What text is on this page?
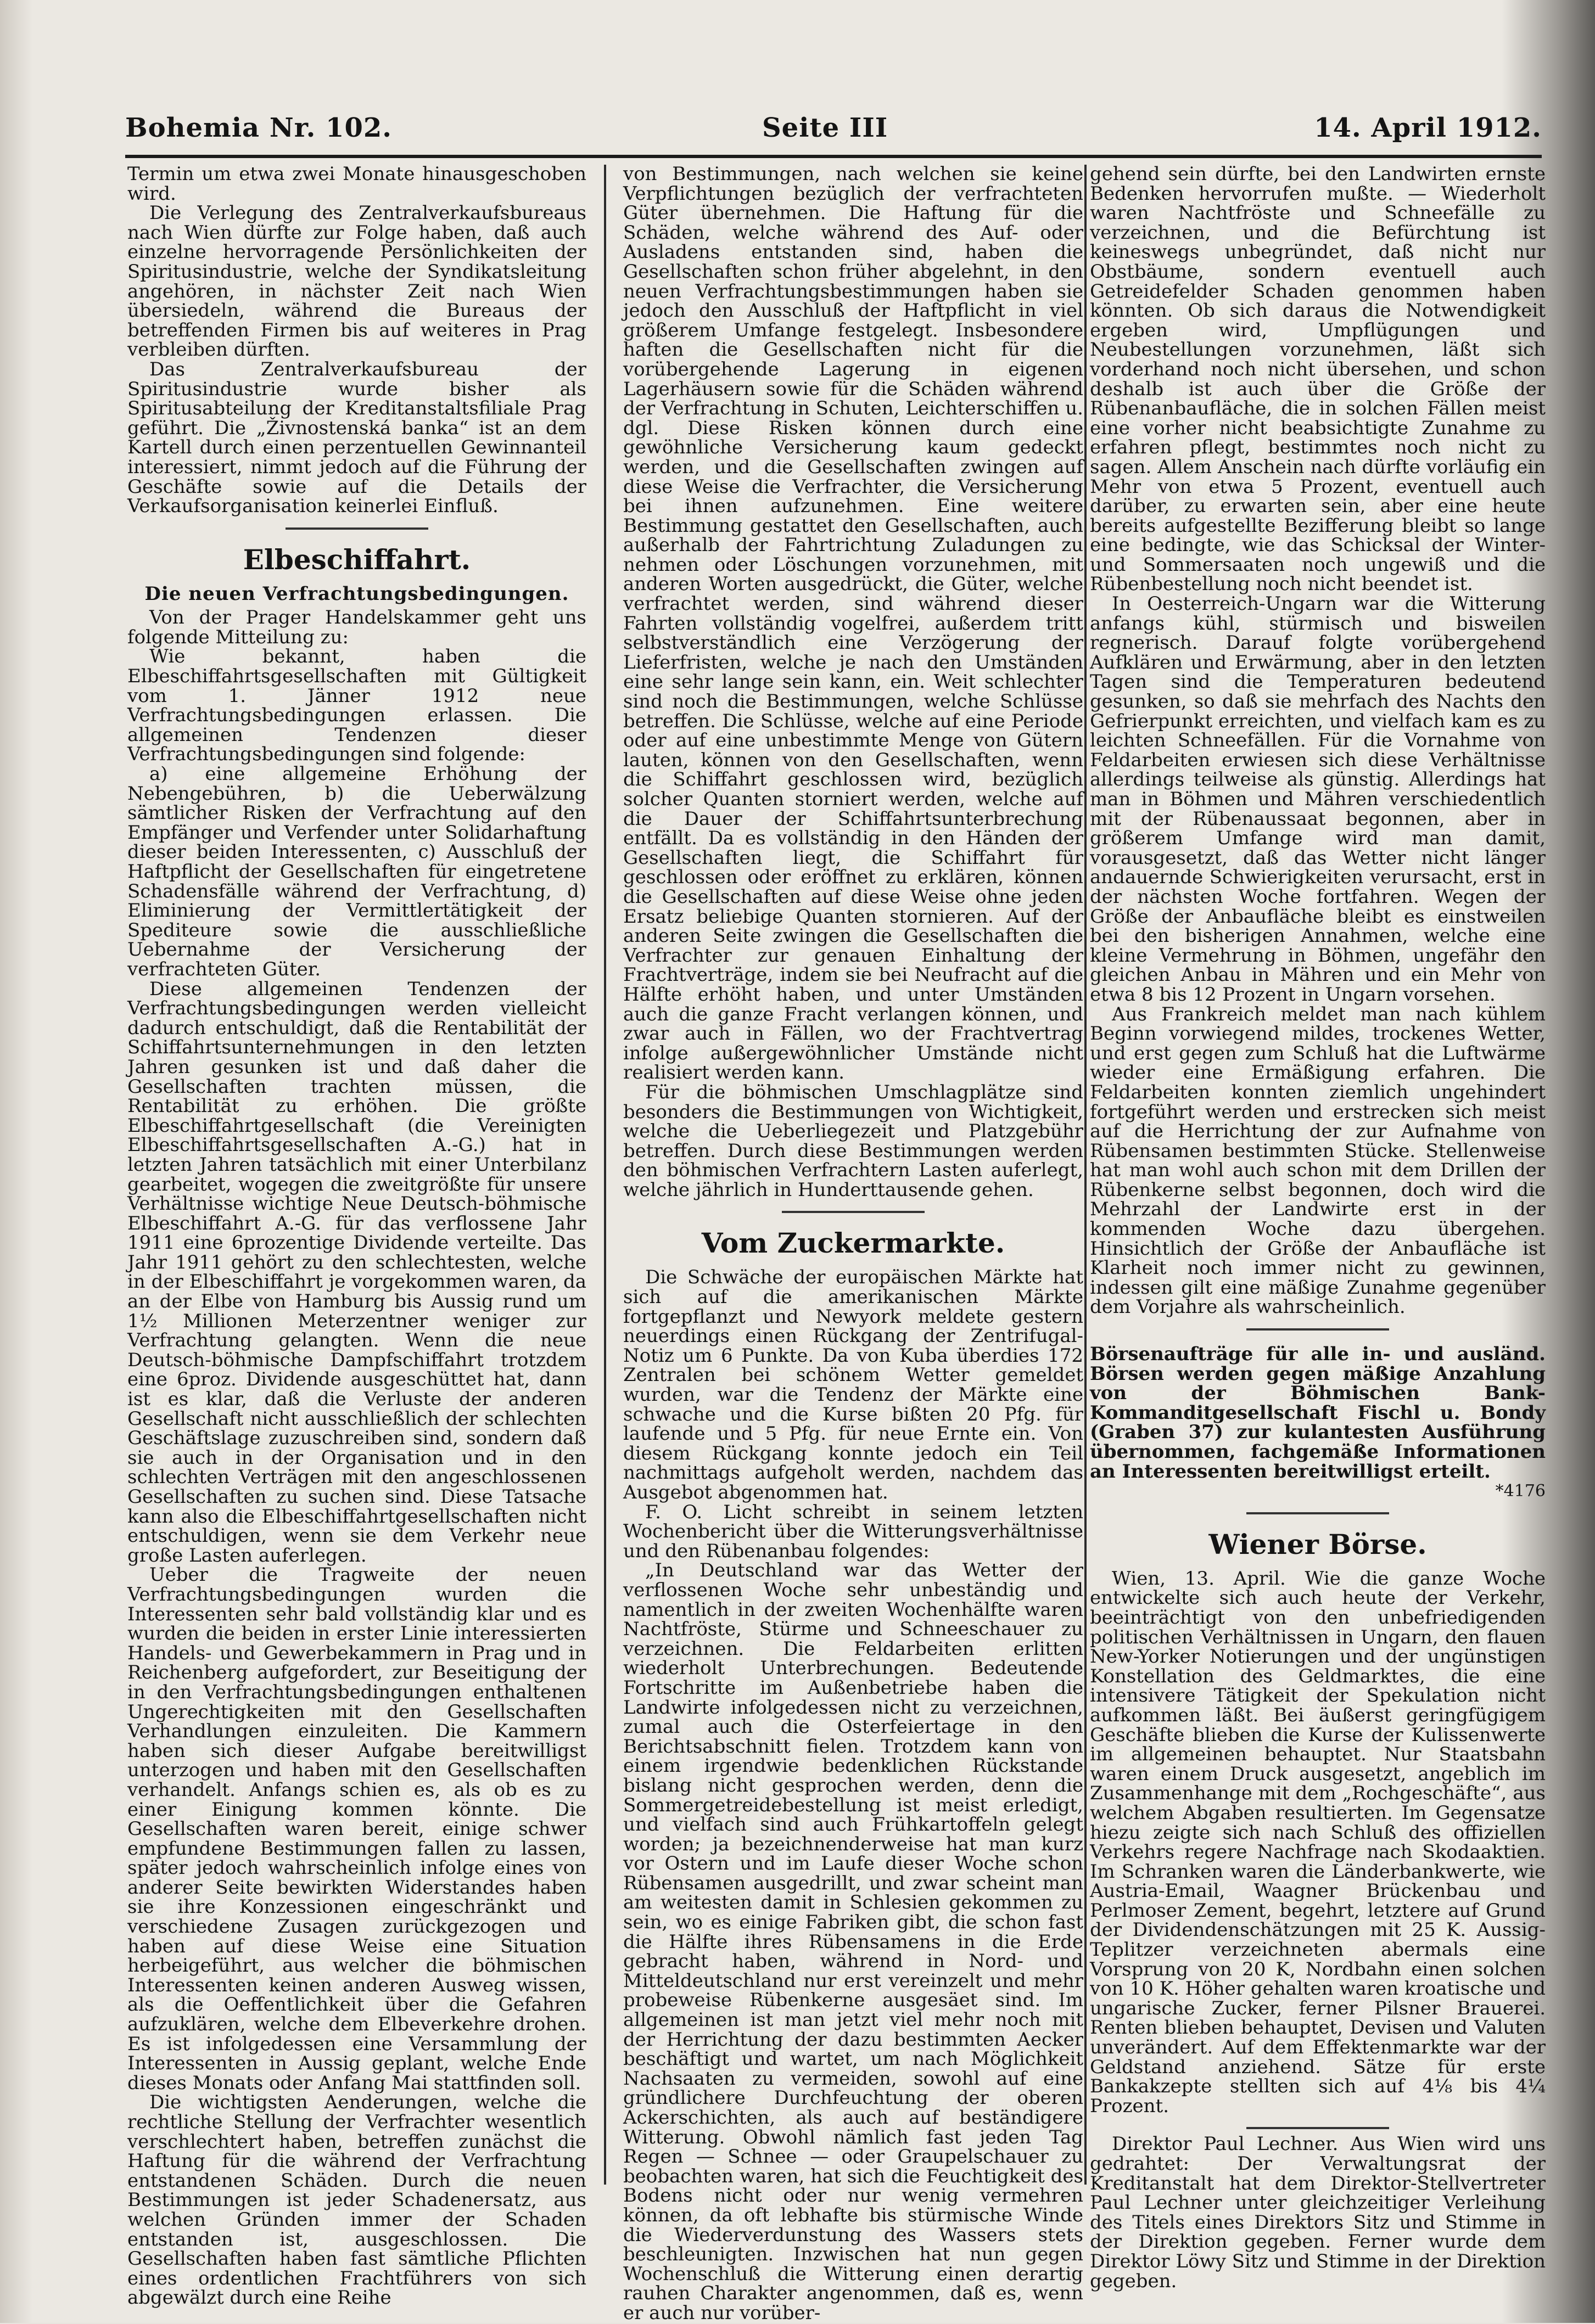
Bohemia Nr. 102.	Seite III	14. April 1912.

Termin um etwa zwei Monate hinausgeschoben wird.

Die Verlegung des Zentralverkaufsbureaus nach Wien dürfte zur Folge haben, daß auch einzelne hervorragende Persönlichkeiten der Spiritusindustrie, welche der Syndikatsleitung angehören, in nächster Zeit nach Wien übersiedeln, während die Bureaus der betreffenden Firmen bis auf weiteres in Prag verbleiben dürften.

Das Zentralverkaufsbureau der Spiritusindustrie wurde bisher als Spiritusabteilung der Kreditanstaltsfiliale Prag geführt. Die „Živnostenská banka“ ist an dem Kartell durch einen perzentuellen Gewinnanteil interessiert, nimmt jedoch auf die Führung der Geschäfte sowie auf die Details der Verkaufsorganisation keinerlei Einfluß.

Elbeschiffahrt.
Die neuen Verfrachtungsbedingungen.

Von der Prager Handelskammer geht uns folgende Mitteilung zu:

Wie bekannt, haben die Elbeschiffahrtsgesellschaften mit Gültigkeit vom 1. Jänner 1912 neue Verfrachtungsbedingungen erlassen. Die allgemeinen Tendenzen dieser Verfrachtungsbedingungen sind folgende:

a) eine allgemeine Erhöhung der Nebengebühren, b) die Ueberwälzung sämtlicher Risken der Verfrachtung auf den Empfänger und Verfender unter Solidarhaftung dieser beiden Interessenten, c) Ausschluß der Haftpflicht der Gesellschaften für eingetretene Schadensfälle während der Verfrachtung, d) Eliminierung der Vermittlertätigkeit der Spediteure sowie die ausschließliche Uebernahme der Versicherung der verfrachteten Güter.

Diese allgemeinen Tendenzen der Verfrachtungsbedingungen werden vielleicht dadurch entschuldigt, daß die Rentabilität der Schiffahrtsunternehmungen in den letzten Jahren gesunken ist und daß daher die Gesellschaften trachten müssen, die Rentabilität zu erhöhen. Die größte Elbeschiffahrtgesellschaft (die Vereinigten Elbeschiffahrtsgesellschaften A.-G.) hat in letzten Jahren tatsächlich mit einer Unterbilanz gearbeitet, wogegen die zweitgrößte für unsere Verhältnisse wichtige Neue Deutsch-böhmische Elbeschiffahrt A.-G. für das verflossene Jahr 1911 eine 6prozentige Dividende verteilte. Das Jahr 1911 gehört zu den schlechtesten, welche in der Elbeschiffahrt je vorgekommen waren, da an der Elbe von Hamburg bis Aussig rund um 1½ Millionen Meterzentner weniger zur Verfrachtung gelangten. Wenn die neue Deutsch-böhmische Dampfschiffahrt trotzdem eine 6proz. Dividende ausgeschüttet hat, dann ist es klar, daß die Verluste der anderen Gesellschaft nicht ausschließlich der schlechten Geschäftslage zuzuschreiben sind, sondern daß sie auch in der Organisation und in den schlechten Verträgen mit den angeschlossenen Gesellschaften zu suchen sind. Diese Tatsache kann also die Elbeschiffahrtgesellschaften nicht entschuldigen, wenn sie dem Verkehr neue große Lasten auferlegen.

Ueber die Tragweite der neuen Verfrachtungsbedingungen wurden die Interessenten sehr bald vollständig klar und es wurden die beiden in erster Linie interessierten Handels- und Gewerbekammern in Prag und in Reichenberg aufgefordert, zur Beseitigung der in den Verfrachtungsbedingungen enthaltenen Ungerechtigkeiten mit den Gesellschaften Verhandlungen einzuleiten. Die Kammern haben sich dieser Aufgabe bereitwilligst unterzogen und haben mit den Gesellschaften verhandelt. Anfangs schien es, als ob es zu einer Einigung kommen könnte. Die Gesellschaften waren bereit, einige schwer empfundene Bestimmungen fallen zu lassen, später jedoch wahrscheinlich infolge eines von anderer Seite bewirkten Widerstandes haben sie ihre Konzessionen eingeschränkt und verschiedene Zusagen zurückgezogen und haben auf diese Weise eine Situation herbeigeführt, aus welcher die böhmischen Interessenten keinen anderen Ausweg wissen, als die Oeffentlichkeit über die Gefahren aufzuklären, welche dem Elbeverkehre drohen. Es ist infolgedessen eine Versammlung der Interessenten in Aussig geplant, welche Ende dieses Monats oder Anfang Mai stattfinden soll.

Die wichtigsten Aenderungen, welche die rechtliche Stellung der Verfrachter wesentlich verschlechtert haben, betreffen zunächst die Haftung für die während der Verfrachtung entstandenen Schäden. Durch die neuen Bestimmungen ist jeder Schadenersatz, aus welchen Gründen immer der Schaden entstanden ist, ausgeschlossen. Die Gesellschaften haben fast sämtliche Pflichten eines ordentlichen Frachtführers von sich abgewälzt durch eine Reihe

von Bestimmungen, nach welchen sie keine Verpflichtungen bezüglich der verfrachteten Güter übernehmen. Die Haftung für die Schäden, welche während des Auf- oder Ausladens entstanden sind, haben die Gesellschaften schon früher abgelehnt, in den neuen Verfrachtungsbestimmungen haben sie jedoch den Ausschluß der Haftpflicht in viel größerem Umfange festgelegt. Insbesondere haften die Gesellschaften nicht für die vorübergehende Lagerung in eigenen Lagerhäusern sowie für die Schäden während der Verfrachtung in Schuten, Leichterschiffen u. dgl. Diese Risken können durch eine gewöhnliche Versicherung kaum gedeckt werden, und die Gesellschaften zwingen auf diese Weise die Verfrachter, die Versicherung bei ihnen aufzunehmen. Eine weitere Bestimmung gestattet den Gesellschaften, auch außerhalb der Fahrtrichtung Zuladungen zu nehmen oder Löschungen vorzunehmen, mit anderen Worten ausgedrückt, die Güter, welche verfrachtet werden, sind während dieser Fahrten vollständig vogelfrei, außerdem tritt selbstverständlich eine Verzögerung der Lieferfristen, welche je nach den Umständen eine sehr lange sein kann, ein. Weit schlechter sind noch die Bestimmungen, welche Schlüsse betreffen. Die Schlüsse, welche auf eine Periode oder auf eine unbestimmte Menge von Gütern lauten, können von den Gesellschaften, wenn die Schiffahrt geschlossen wird, bezüglich solcher Quanten storniert werden, welche auf die Dauer der Schiffahrtsunterbrechung entfällt. Da es vollständig in den Händen der Gesellschaften liegt, die Schiffahrt für geschlossen oder eröffnet zu erklären, können die Gesellschaften auf diese Weise ohne jeden Ersatz beliebige Quanten stornieren. Auf der anderen Seite zwingen die Gesellschaften die Verfrachter zur genauen Einhaltung der Frachtverträge, indem sie bei Neufracht auf die Hälfte erhöht haben, und unter Umständen auch die ganze Fracht verlangen können, und zwar auch in Fällen, wo der Frachtvertrag infolge außergewöhnlicher Umstände nicht realisiert werden kann.

Für die böhmischen Umschlagplätze sind besonders die Bestimmungen von Wichtigkeit, welche die Ueberliegezeit und Platzgebühr betreffen. Durch diese Bestimmungen werden den böhmischen Verfrachtern Lasten auferlegt, welche jährlich in Hunderttausende gehen.

Vom Zuckermarkte.

Die Schwäche der europäischen Märkte hat sich auf die amerikanischen Märkte fortgepflanzt und Newyork meldete gestern neuerdings einen Rückgang der Zentrifugal-Notiz um 6 Punkte. Da von Kuba überdies 172 Zentralen bei schönem Wetter gemeldet wurden, war die Tendenz der Märkte eine schwache und die Kurse bißten 20 Pfg. für laufende und 5 Pfg. für neue Ernte ein. Von diesem Rückgang konnte jedoch ein Teil nachmittags aufgeholt werden, nachdem das Ausgebot abgenommen hat.

F. O. Licht schreibt in seinem letzten Wochenbericht über die Witterungsverhältnisse und den Rübenanbau folgendes:

„In Deutschland war das Wetter der verflossenen Woche sehr unbeständig und namentlich in der zweiten Wochenhälfte waren Nachtfröste, Stürme und Schneeschauer zu verzeichnen. Die Feldarbeiten erlitten wiederholt Unterbrechungen. Bedeutende Fortschritte im Außenbetriebe haben die Landwirte infolgedessen nicht zu verzeichnen, zumal auch die Osterfeiertage in den Berichtsabschnitt fielen. Trotzdem kann von einem irgendwie bedenklichen Rückstande bislang nicht gesprochen werden, denn die Sommergetreidebestellung ist meist erledigt, und vielfach sind auch Frühkartoffeln gelegt worden; ja bezeichnenderweise hat man kurz vor Ostern und im Laufe dieser Woche schon Rübensamen ausgedrillt, und zwar scheint man am weitesten damit in Schlesien gekommen zu sein, wo es einige Fabriken gibt, die schon fast die Hälfte ihres Rübensamens in die Erde gebracht haben, während in Nord- und Mitteldeutschland nur erst vereinzelt und mehr probeweise Rübenkerne ausgesäet sind. Im allgemeinen ist man jetzt viel mehr noch mit der Herrichtung der dazu bestimmten Aecker beschäftigt und wartet, um nach Möglichkeit Nachsaaten zu vermeiden, sowohl auf eine gründlichere Durchfeuchtung der oberen Ackerschichten, als auch auf beständigere Witterung. Obwohl nämlich fast jeden Tag Regen — Schnee — oder Graupelschauer zu beobachten waren, hat sich die Feuchtigkeit des Bodens nicht oder nur wenig vermehren können, da oft lebhafte bis stürmische Winde die Wiederverdunstung des Wassers stets beschleunigten. Inzwischen hat nun gegen Wochenschluß die Witterung einen derartig rauhen Charakter angenommen, daß es, wenn er auch nur vorüber-

gehend sein dürfte, bei den Landwirten ernste Bedenken hervorrufen mußte. — Wiederholt waren Nachtfröste und Schneefälle zu verzeichnen, und die Befürchtung ist keineswegs unbegründet, daß nicht nur Obstbäume, sondern eventuell auch Getreidefelder Schaden genommen haben könnten. Ob sich daraus die Notwendigkeit ergeben wird, Umpflügungen und Neubestellungen vorzunehmen, läßt sich vorderhand noch nicht übersehen, und schon deshalb ist auch über die Größe der Rübenanbaufläche, die in solchen Fällen meist eine vorher nicht beabsichtigte Zunahme zu erfahren pflegt, bestimmtes noch nicht zu sagen. Allem Anschein nach dürfte vorläufig ein Mehr von etwa 5 Prozent, eventuell auch darüber, zu erwarten sein, aber eine heute bereits aufgestellte Bezifferung bleibt so lange eine bedingte, wie das Schicksal der Winter- und Sommersaaten noch ungewiß und die Rübenbestellung noch nicht beendet ist.

In Oesterreich-Ungarn war die Witterung anfangs kühl, stürmisch und bisweilen regnerisch. Darauf folgte vorübergehend Aufklären und Erwärmung, aber in den letzten Tagen sind die Temperaturen bedeutend gesunken, so daß sie mehrfach des Nachts den Gefrierpunkt erreichten, und vielfach kam es zu leichten Schneefällen. Für die Vornahme von Feldarbeiten erwiesen sich diese Verhältnisse allerdings teilweise als günstig. Allerdings hat man in Böhmen und Mähren verschiedentlich mit der Rübenaussaat begonnen, aber in größerem Umfange wird man damit, vorausgesetzt, daß das Wetter nicht länger andauernde Schwierigkeiten verursacht, erst in der nächsten Woche fortfahren. Wegen der Größe der Anbaufläche bleibt es einstweilen bei den bisherigen Annahmen, welche eine kleine Vermehrung in Böhmen, ungefähr den gleichen Anbau in Mähren und ein Mehr von etwa 8 bis 12 Prozent in Ungarn vorsehen.

Aus Frankreich meldet man nach kühlem Beginn vorwiegend mildes, trockenes Wetter, und erst gegen zum Schluß hat die Luftwärme wieder eine Ermäßigung erfahren. Die Feldarbeiten konnten ziemlich ungehindert fortgeführt werden und erstrecken sich meist auf die Herrichtung der zur Aufnahme von Rübensamen bestimmten Stücke. Stellenweise hat man wohl auch schon mit dem Drillen der Rübenkerne selbst begonnen, doch wird die Mehrzahl der Landwirte erst in der kommenden Woche dazu übergehen. Hinsichtlich der Größe der Anbaufläche ist Klarheit noch immer nicht zu gewinnen, indessen gilt eine mäßige Zunahme gegenüber dem Vorjahre als wahrscheinlich.

Börsenaufträge für alle in- und ausländ. Börsen werden gegen mäßige Anzahlung von der Böhmischen Bank-Kommanditgesellschaft Fischl u. Bondy (Graben 37) zur kulantesten Ausführung übernommen, fachgemäße Informationen an Interessenten bereitwilligst erteilt.

*4176

Wiener Börse.

Wien, 13. April. Wie die ganze Woche entwickelte sich auch heute der Verkehr, beeinträchtigt von den unbefriedigenden politischen Verhältnissen in Ungarn, den flauen New-Yorker Notierungen und der ungünstigen Konstellation des Geldmarktes, die eine intensivere Tätigkeit der Spekulation nicht aufkommen läßt. Bei äußerst geringfügigem Geschäfte blieben die Kurse der Kulissenwerte im allgemeinen behauptet. Nur Staatsbahn waren einem Druck ausgesetzt, angeblich im Zusammenhange mit dem „Rochgeschäfte“, aus welchem Abgaben resultierten. Im Gegensatze hiezu zeigte sich nach Schluß des offiziellen Verkehrs regere Nachfrage nach Skodaaktien. Im Schranken waren die Länderbankwerte, wie Austria-Email, Waagner Brückenbau und Perlmoser Zement, begehrt, letztere auf Grund der Dividendenschätzungen mit 25 K. Aussig-Teplitzer verzeichneten abermals eine Vorsprung von 20 K, Nordbahn einen solchen von 10 K. Höher gehalten waren kroatische und ungarische Zucker, ferner Pilsner Brauerei. Renten blieben behauptet, Devisen und Valuten unverändert. Auf dem Effektenmarkte war der Geldstand anziehend. Sätze für erste Bankakzepte stellten sich auf 4⅛ bis 4¼ Prozent.

Direktor Paul Lechner. Aus Wien wird uns gedrahtet: Der Verwaltungsrat der Kreditanstalt hat dem Direktor-Stellvertreter Paul Lechner unter gleichzeitiger Verleihung des Titels eines Direktors Sitz und Stimme in der Direktion gegeben. Ferner wurde dem Direktor Löwy Sitz und Stimme in der Direktion gegeben.
